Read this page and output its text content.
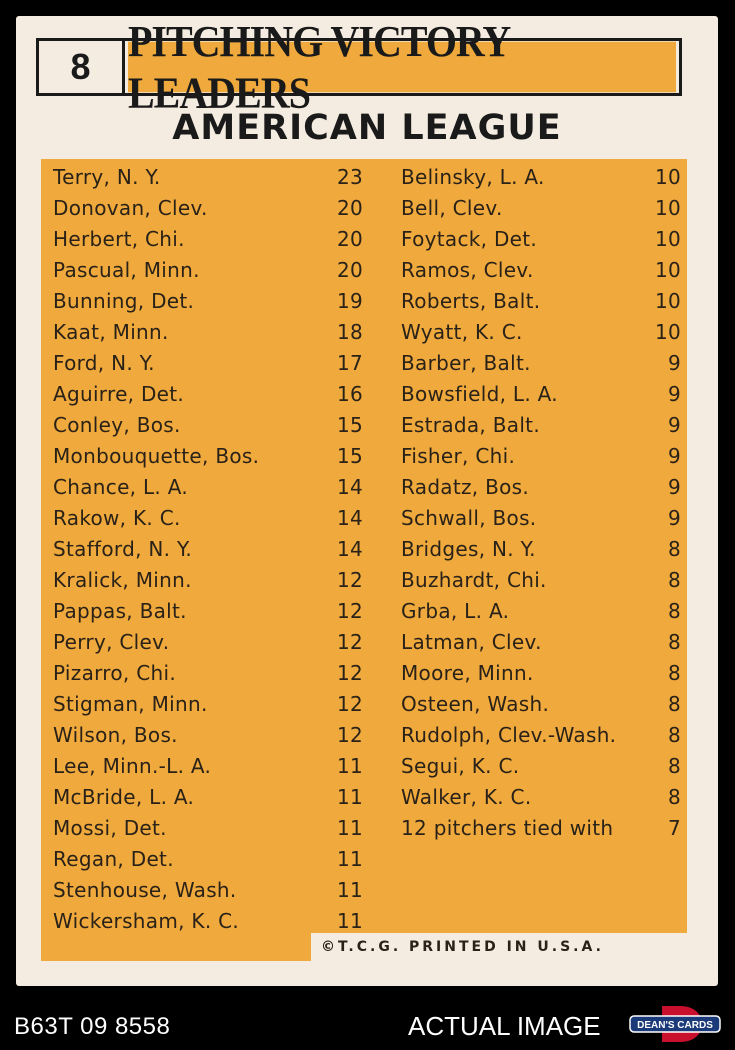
8
PITCHING VICTORY LEADERS
AMERICAN LEAGUE
Terry, N. Y.	23
Donovan, Clev.	20
Herbert, Chi.	20
Pascual, Minn.	20
Bunning, Det.	19
Kaat, Minn.	18
Ford, N. Y.	17
Aguirre, Det.	16
Conley, Bos.	15
Monbouquette, Bos.	15
Chance, L. A.	14
Rakow, K. C.	14
Stafford, N. Y.	14
Kralick, Minn.	12
Pappas, Balt.	12
Perry, Clev.	12
Pizarro, Chi.	12
Stigman, Minn.	12
Wilson, Bos.	12
Lee, Minn.-L. A.	11
McBride, L. A.	11
Mossi, Det.	11
Regan, Det.	11
Stenhouse, Wash.	11
Wickersham, K. C.	11
Belinsky, L. A.	10
Bell, Clev.	10
Foytack, Det.	10
Ramos, Clev.	10
Roberts, Balt.	10
Wyatt, K. C.	10
Barber, Balt.	9
Bowsfield, L. A.	9
Estrada, Balt.	9
Fisher, Chi.	9
Radatz, Bos.	9
Schwall, Bos.	9
Bridges, N. Y.	8
Buzhardt, Chi.	8
Grba, L. A.	8
Latman, Clev.	8
Moore, Minn.	8
Osteen, Wash.	8
Rudolph, Clev.-Wash.	8
Segui, K. C.	8
Walker, K. C.	8
12 pitchers tied with	7
©T.C.G. PRINTED IN U.S.A.
B63T 09 8558	ACTUAL IMAGE	DEAN'S CARDS
